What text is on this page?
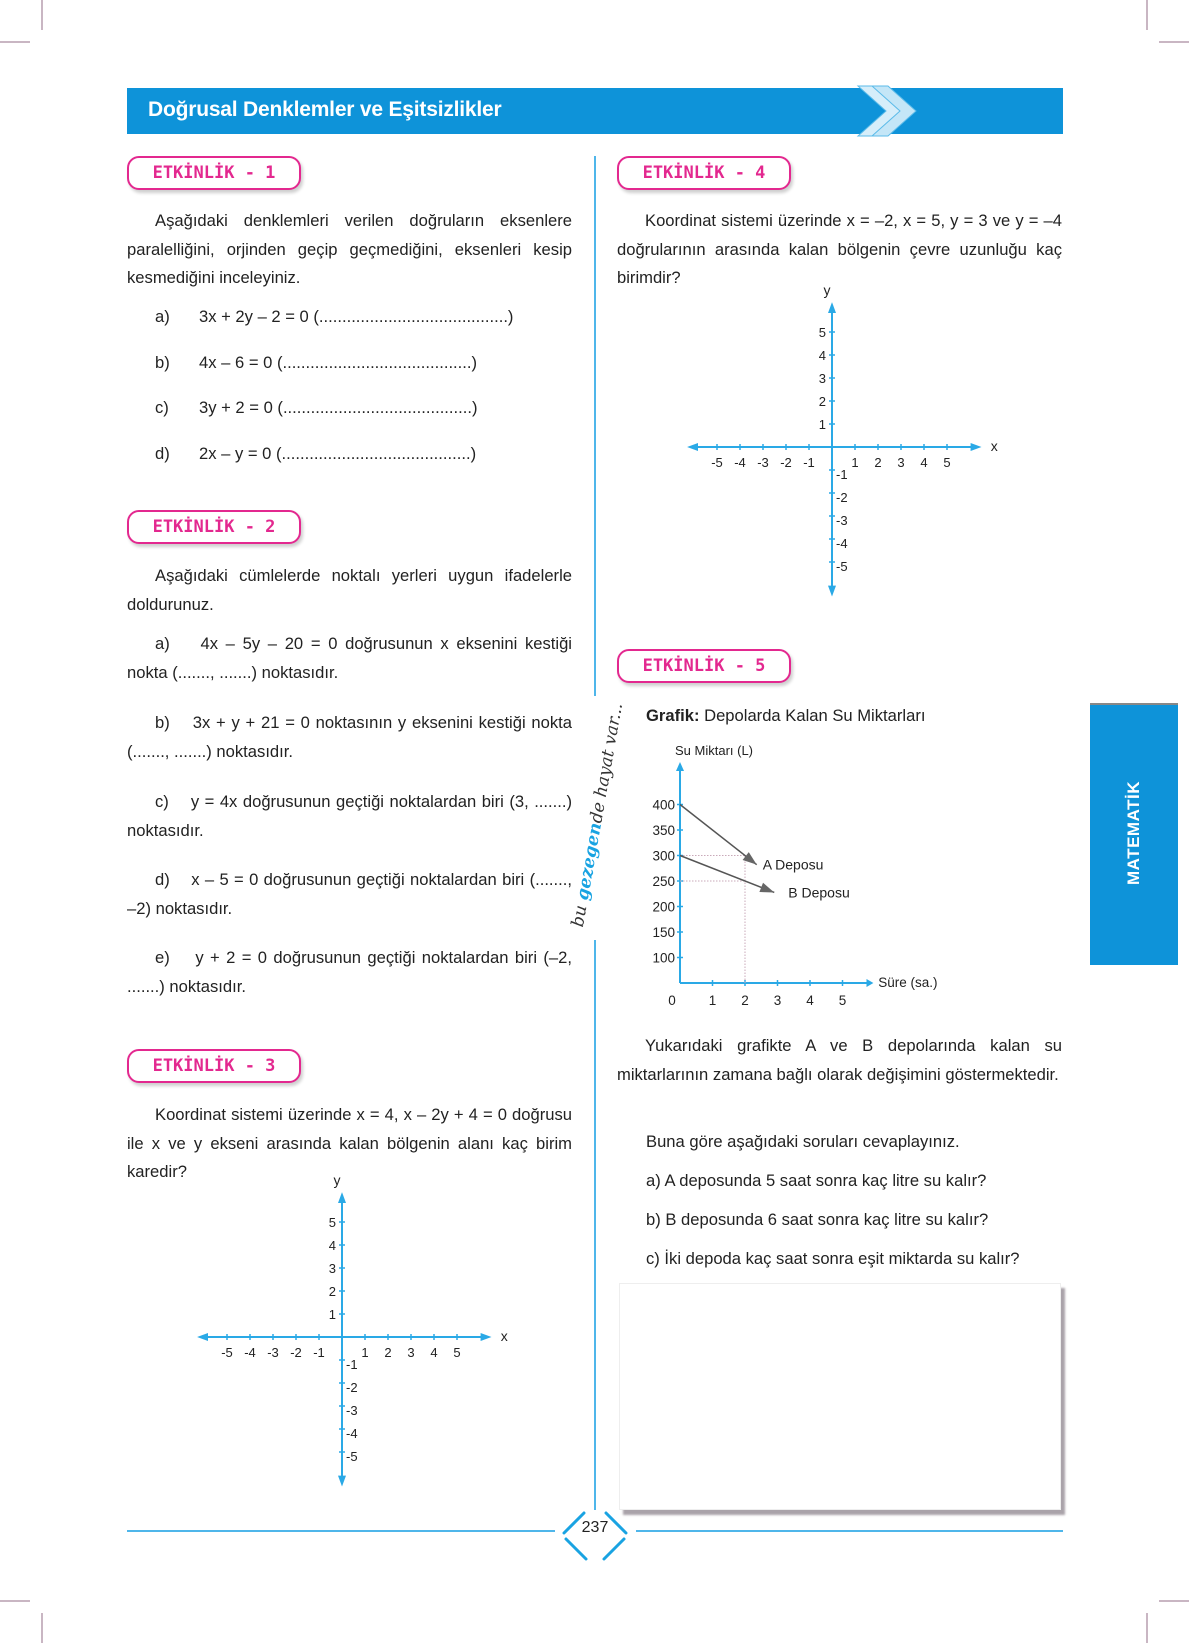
Doğrusal Denklemler ve Eşitsizlikler
ETKİNLİK - 1
Aşağıdaki denklemleri verilen doğruların eksenlere paralelliğini, orjinden geçip geçmediğini, eksenleri kesip kesmediğini inceleyiniz.
a) 3x + 2y – 2 = 0 (.........................................)
b) 4x – 6 = 0 (.........................................)
c) 3y + 2 = 0 (.........................................)
d) 2x – y = 0 (.........................................)
ETKİNLİK - 2
Aşağıdaki cümlelerde noktalı yerleri uygun ifadelerle doldurunuz.
a) 4x – 5y – 20 = 0 doğrusunun x eksenini kestiği nokta (......., .......) noktasıdır.
b) 3x + y + 21 = 0 noktasının y eksenini kestiği nokta (......., .......) noktasıdır.
c) y = 4x doğrusunun geçtiği noktalardan biri (3, .......) noktasıdır.
d) x – 5 = 0 doğrusunun geçtiği noktalardan biri (......., –2) noktasıdır.
e) y + 2 = 0 doğrusunun geçtiği noktalardan biri (–2, .......) noktasıdır.
ETKİNLİK - 3
Koordinat sistemi üzerinde x = 4, x – 2y + 4 = 0 doğrusu ile x ve y ekseni arasında kalan bölgenin alanı kaç birim karedir?	y
x
-5 -4 -3 -2 -1	1 2 3 4 5
5
4
3
2
1
-1
-2
-3
-4
-5
ETKİNLİK - 4
Koordinat sistemi üzerinde x = –2, x = 5, y = 3 ve y = –4 doğrularının arasında kalan bölgenin çevre uzunluğu kaç birimdir?
y
x
-5 -4 -3 -2 -1	1 2 3 4 5
5
4
3
2
1
-1
-2
-3
-4
-5
ETKİNLİK - 5
Grafik: Depolarda Kalan Su Miktarları
Su Miktarı (L)
Süre (sa.)
100
150
200
250
300
350
400
0 1 2 3 4 5
A Deposu
B Deposu
Yukarıdaki grafikte A ve B depolarında kalan su miktarlarının zamana bağlı olarak değişimini göstermektedir.
Buna göre aşağıdaki soruları cevaplayınız.
a) A deposunda 5 saat sonra kaç litre su kalır?
b) B deposunda 6 saat sonra kaç litre su kalır?
c) İki depoda kaç saat sonra eşit miktarda su kalır?
bu gezegende hayat var...
MATEMATİK
237
